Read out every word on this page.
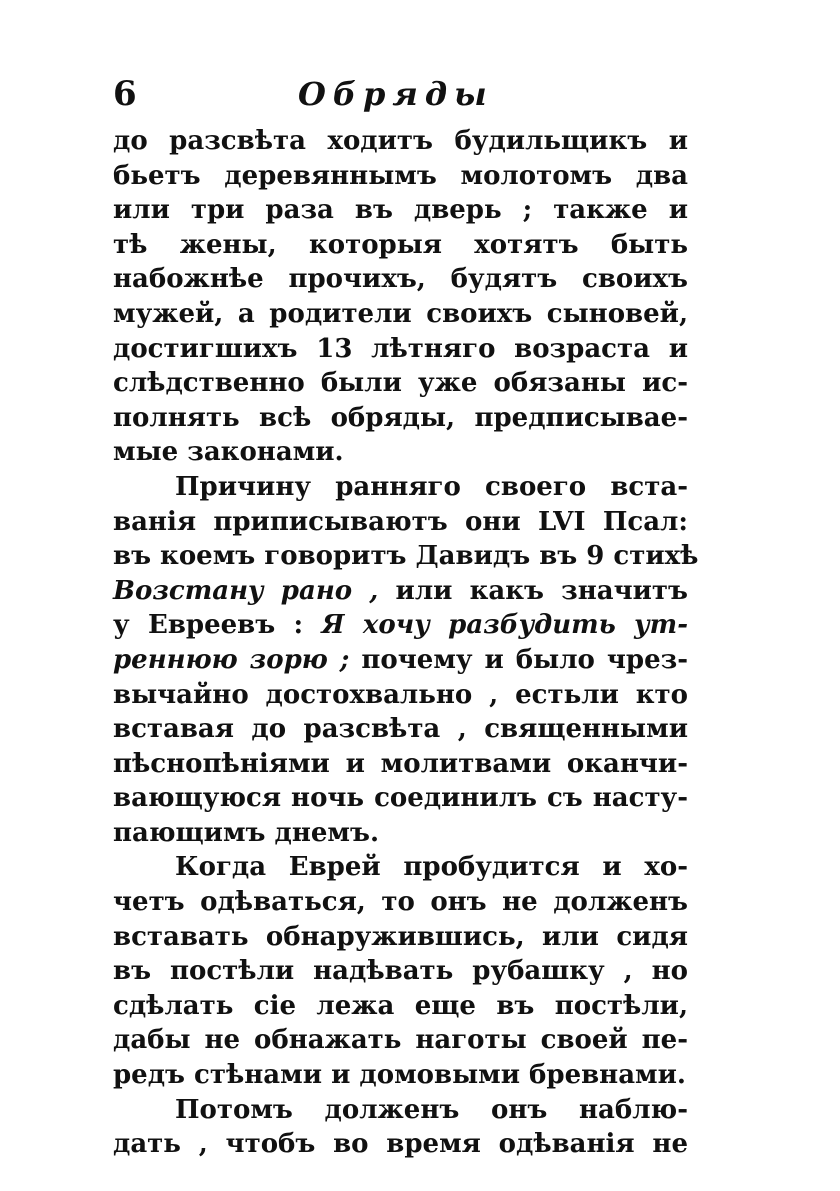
6	Обряды
до разсвѣта ходитъ будильщикъ и
бьетъ деревяннымъ молотомъ два
или три раза въ дверь ; также и
тѣ жены, которыя хотятъ быть
набожнѣе прочихъ, будятъ своихъ
мужей, а родители своихъ сыновей,
достигшихъ 13 лѣтняго возраста и
слѣдственно были уже обязаны ис-
полнять всѣ обряды, предписывае-
мые законами.
Причину ранняго своего вста-
ванія приписываютъ они LVI Псал:
въ коемъ говоритъ Давидъ въ 9 стихѣ
Возстану рано , или какъ значитъ
у Евреевъ : Я хочу разбудить ут-
реннюю зорю ; почему и было чрез-
вычайно достохвально , естьли кто
вставая до разсвѣта , священными
пѣснопѣніями и молитвами оканчи-
вающуюся ночь соединилъ съ насту-
пающимъ днемъ.
Когда Еврей пробудится и хо-
четъ одѣваться, то онъ не долженъ
вставать обнаружившись, или сидя
въ постѣли надѣвать рубашку , но
сдѣлать сіе лежа еще въ постѣли,
дабы не обнажать наготы своей пе-
редъ стѣнами и домовыми бревнами.
Потомъ долженъ онъ наблю-
дать , чтобъ во время одѣванія не
